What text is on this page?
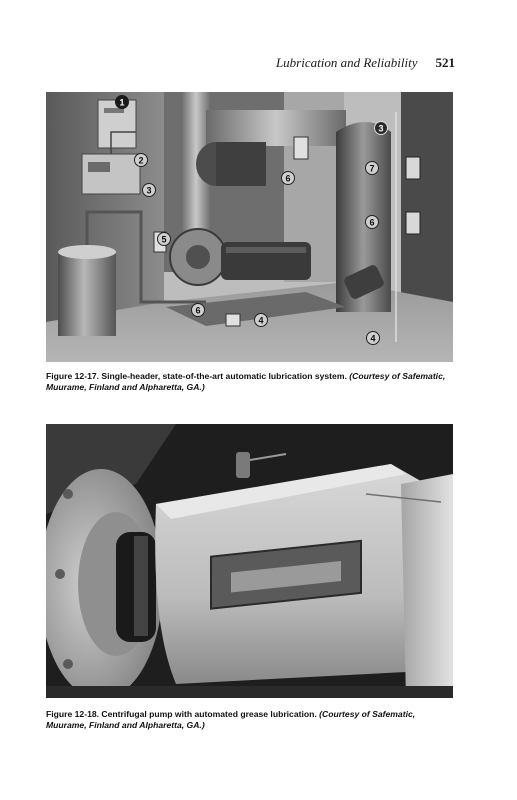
Lubrication and Reliability 521
1
2
3
5
6
4
3
7
6
6
4
Figure 12-17. Single-header, state-of-the-art automatic lubrication system. (Courtesy of Safematic, Muurame, Finland and Alpharetta, GA.)
Figure 12-18. Centrifugal pump with automated grease lubrication. (Courtesy of Safematic, Muurame, Finland and Alpharetta, GA.)
